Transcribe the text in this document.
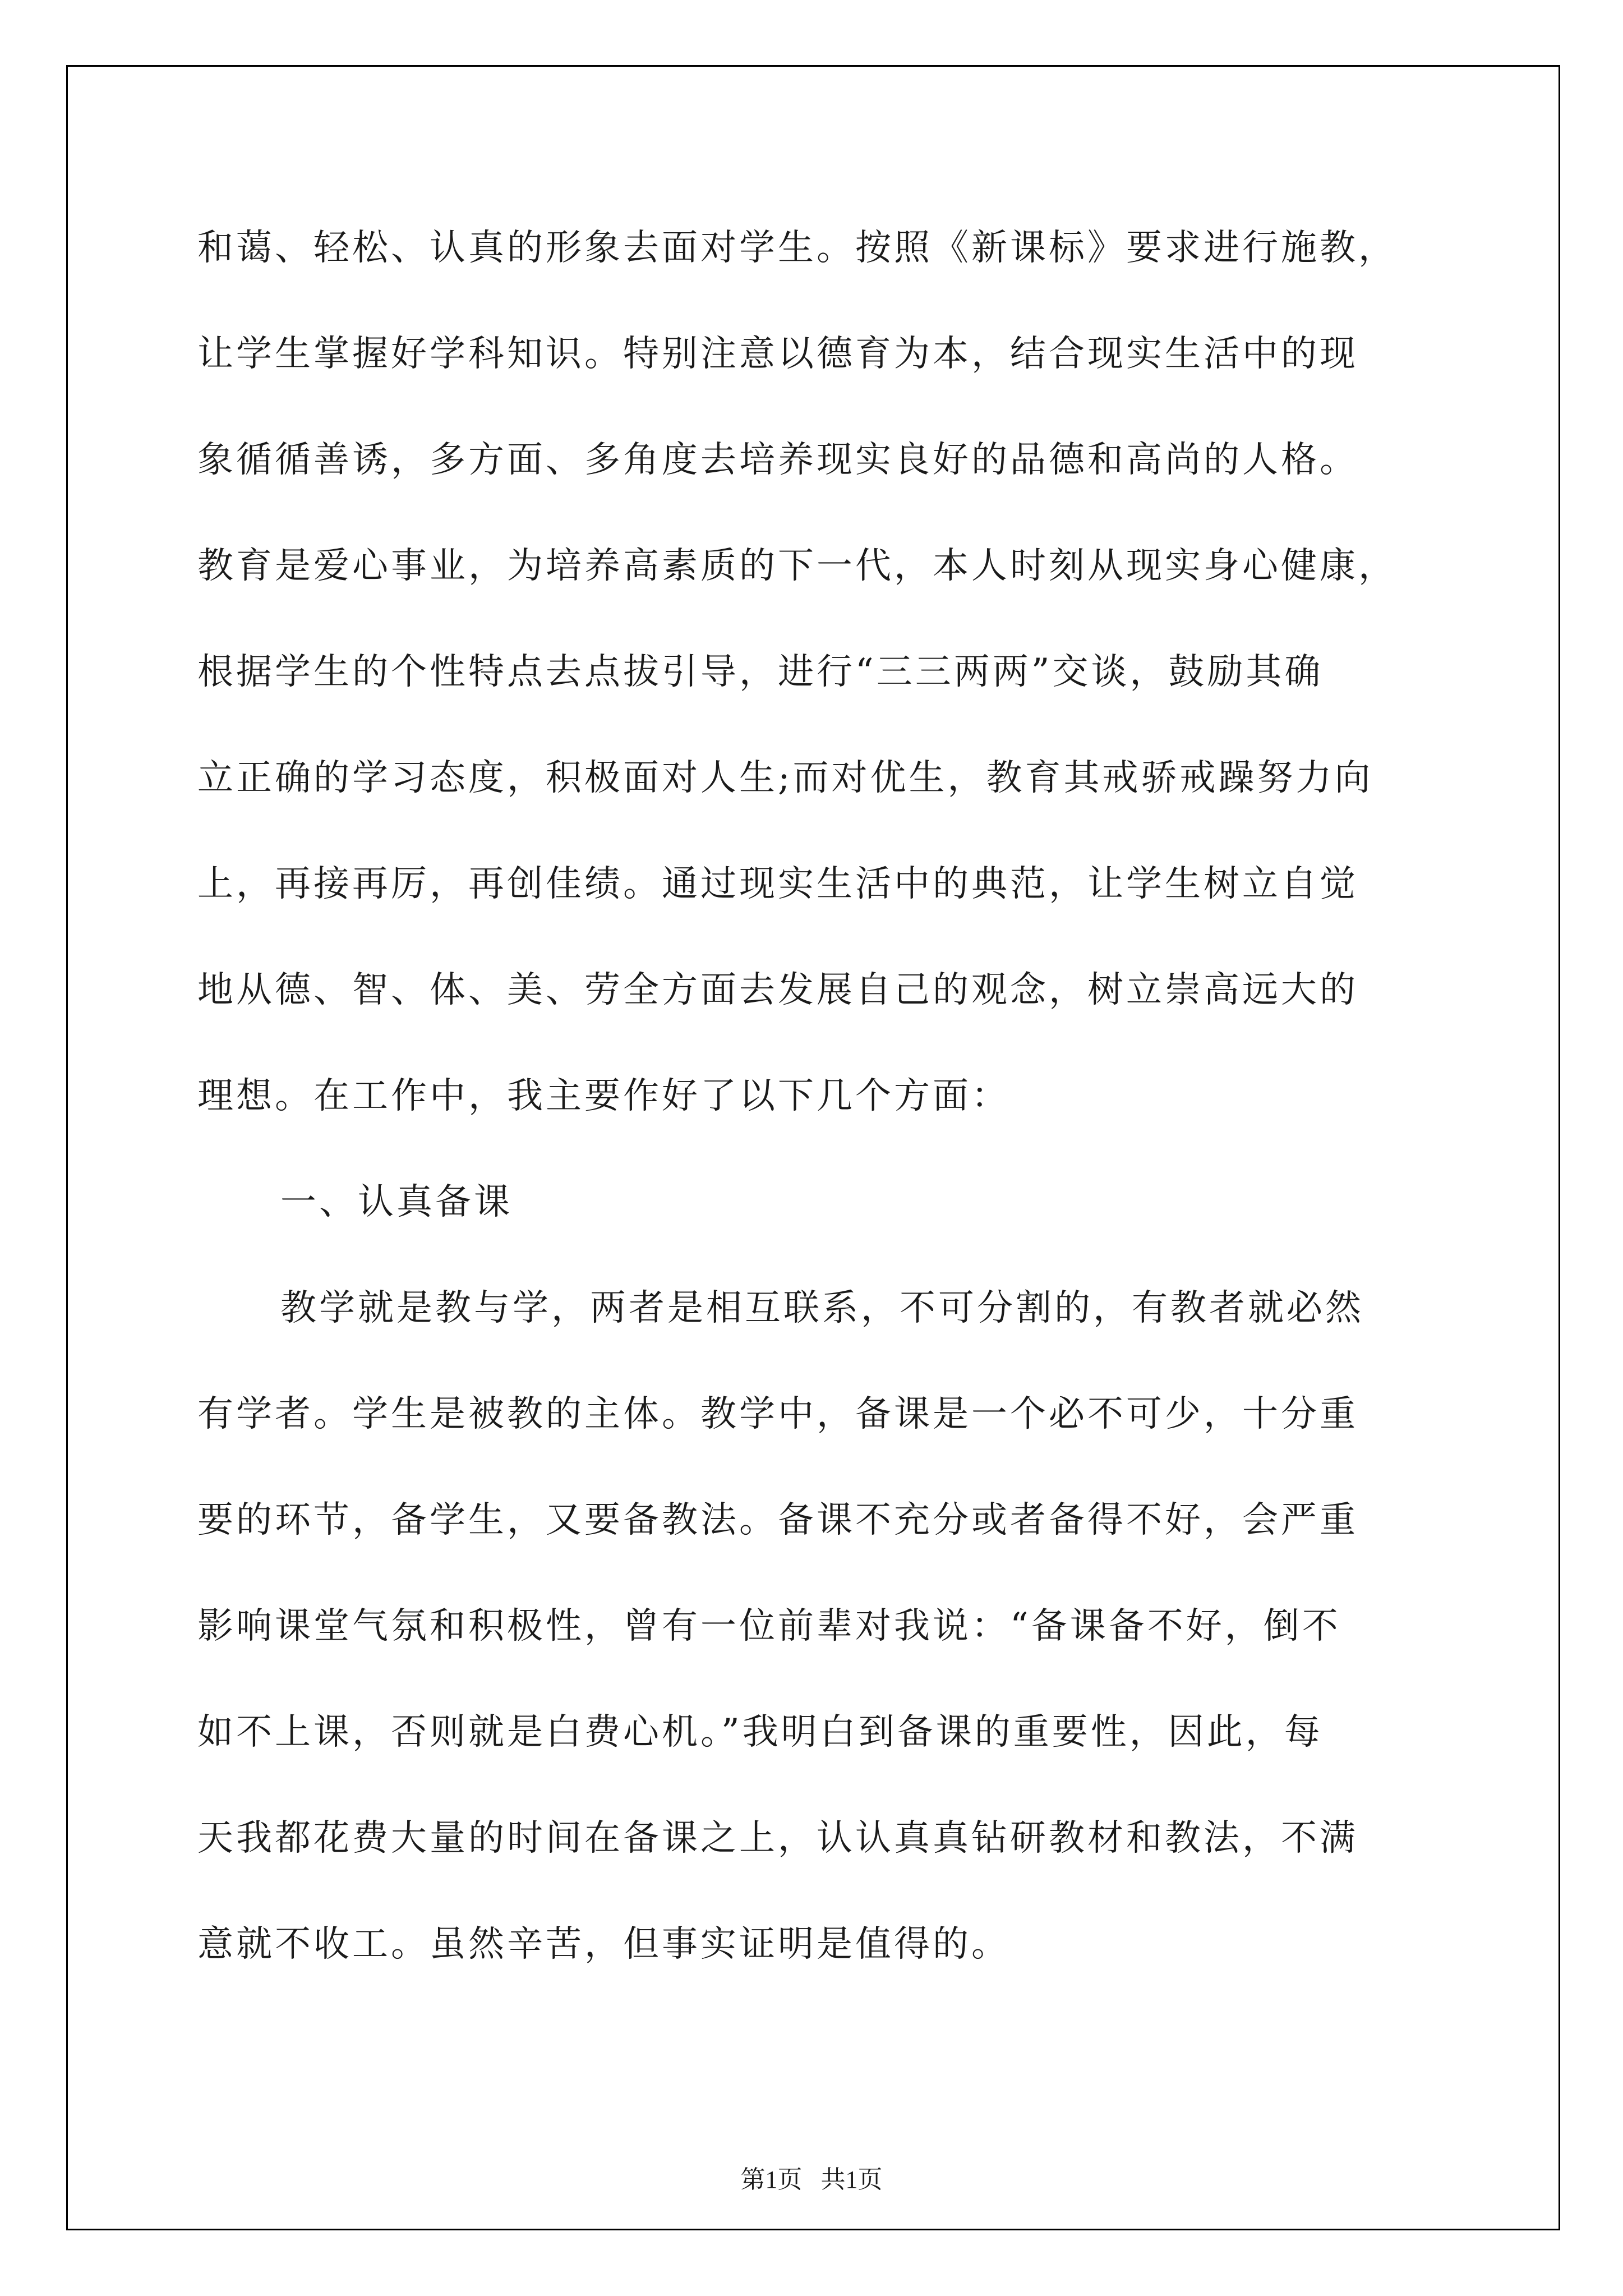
和蔼、轻松、认真的形象去面对学生。按照《新课标》要求进行施教，
让学生掌握好学科知识。特别注意以德育为本，结合现实生活中的现
象循循善诱，多方面、多角度去培养现实良好的品德和高尚的人格。
教育是爱心事业，为培养高素质的下一代，本人时刻从现实身心健康，
根据学生的个性特点去点拔引导，进行“三三两两”交谈，鼓励其确
立正确的学习态度，积极面对人生;而对优生，教育其戒骄戒躁努力向
上，再接再厉，再创佳绩。通过现实生活中的典范，让学生树立自觉
地从德、智、体、美、劳全方面去发展自己的观念，树立崇高远大的
理想。在工作中，我主要作好了以下几个方面：
一、认真备课
教学就是教与学，两者是相互联系，不可分割的，有教者就必然
有学者。学生是被教的主体。教学中，备课是一个必不可少，十分重
要的环节，备学生，又要备教法。备课不充分或者备得不好，会严重
影响课堂气氛和积极性，曾有一位前辈对我说：“备课备不好，倒不
如不上课，否则就是白费心机。”我明白到备课的重要性，因此，每
天我都花费大量的时间在备课之上，认认真真钻研教材和教法，不满
意就不收工。虽然辛苦，但事实证明是值得的。
第1页   共1页
